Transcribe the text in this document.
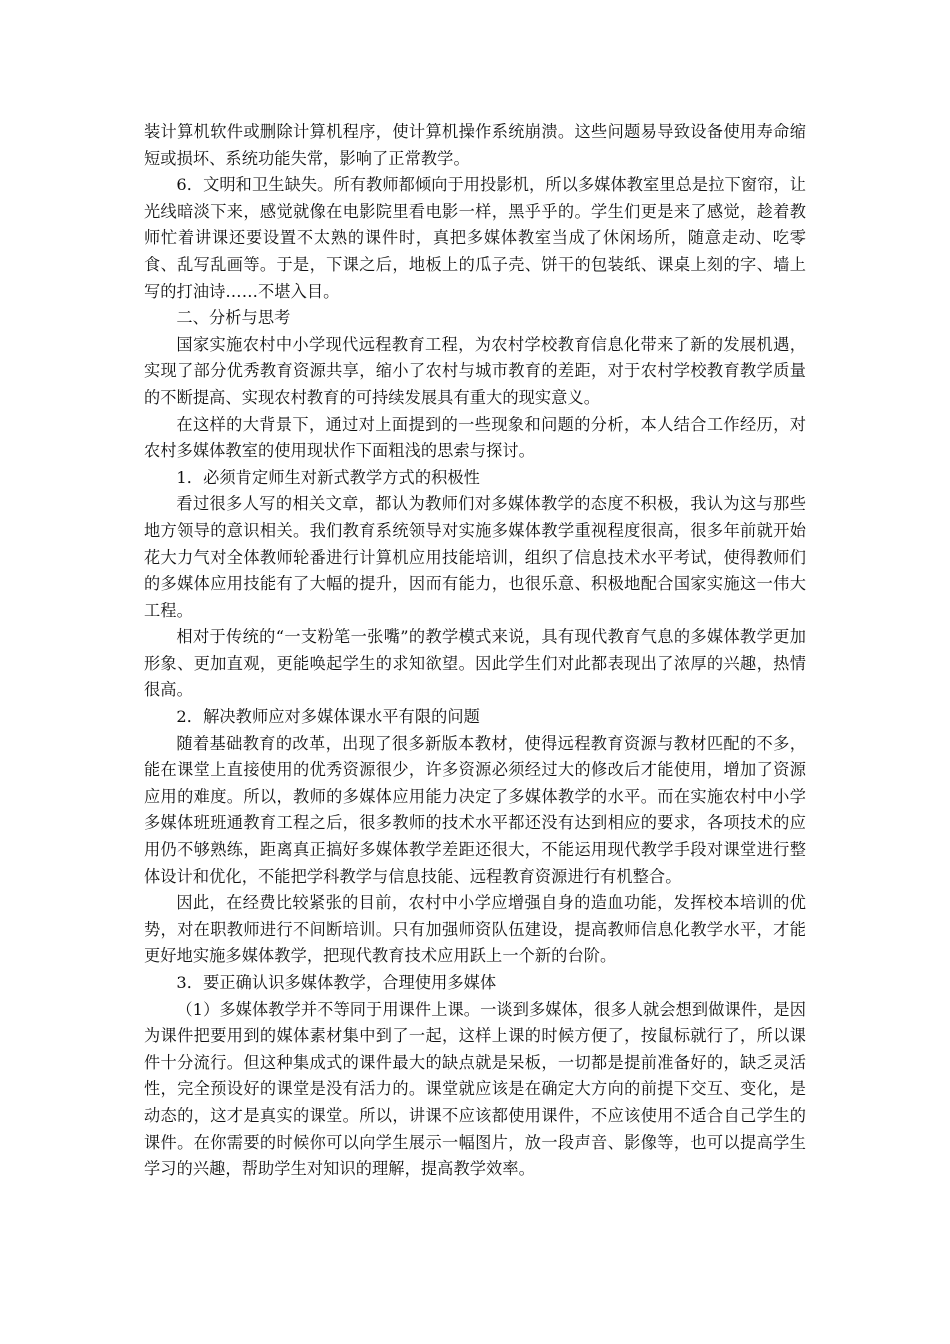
装计算机软件或删除计算机程序，使计算机操作系统崩溃。这些问题易导致设备使用寿命缩短或损坏、系统功能失常，影响了正常教学。

6．文明和卫生缺失。所有教师都倾向于用投影机，所以多媒体教室里总是拉下窗帘，让光线暗淡下来，感觉就像在电影院里看电影一样，黑乎乎的。学生们更是来了感觉，趁着教师忙着讲课还要设置不太熟的课件时，真把多媒体教室当成了休闲场所，随意走动、吃零食、乱写乱画等。于是，下课之后，地板上的瓜子壳、饼干的包装纸、课桌上刻的字、墙上写的打油诗……不堪入目。

二、分析与思考

国家实施农村中小学现代远程教育工程，为农村学校教育信息化带来了新的发展机遇，实现了部分优秀教育资源共享，缩小了农村与城市教育的差距，对于农村学校教育教学质量的不断提高、实现农村教育的可持续发展具有重大的现实意义。

在这样的大背景下，通过对上面提到的一些现象和问题的分析，本人结合工作经历，对农村多媒体教室的使用现状作下面粗浅的思索与探讨。

1．必须肯定师生对新式教学方式的积极性

看过很多人写的相关文章，都认为教师们对多媒体教学的态度不积极，我认为这与那些地方领导的意识相关。我们教育系统领导对实施多媒体教学重视程度很高，很多年前就开始花大力气对全体教师轮番进行计算机应用技能培训，组织了信息技术水平考试，使得教师们的多媒体应用技能有了大幅的提升，因而有能力，也很乐意、积极地配合国家实施这一伟大工程。

相对于传统的“一支粉笔一张嘴”的教学模式来说，具有现代教育气息的多媒体教学更加形象、更加直观，更能唤起学生的求知欲望。因此学生们对此都表现出了浓厚的兴趣，热情很高。

2．解决教师应对多媒体课水平有限的问题

随着基础教育的改革，出现了很多新版本教材，使得远程教育资源与教材匹配的不多，能在课堂上直接使用的优秀资源很少，许多资源必须经过大的修改后才能使用，增加了资源应用的难度。所以，教师的多媒体应用能力决定了多媒体教学的水平。而在实施农村中小学多媒体班班通教育工程之后，很多教师的技术水平都还没有达到相应的要求，各项技术的应用仍不够熟练，距离真正搞好多媒体教学差距还很大，不能运用现代教学手段对课堂进行整体设计和优化，不能把学科教学与信息技能、远程教育资源进行有机整合。

因此，在经费比较紧张的目前，农村中小学应增强自身的造血功能，发挥校本培训的优势，对在职教师进行不间断培训。只有加强师资队伍建设，提高教师信息化教学水平，才能更好地实施多媒体教学，把现代教育技术应用跃上一个新的台阶。

3．要正确认识多媒体教学，合理使用多媒体

（1）多媒体教学并不等同于用课件上课。一谈到多媒体，很多人就会想到做课件，是因为课件把要用到的媒体素材集中到了一起，这样上课的时候方便了，按鼠标就行了，所以课件十分流行。但这种集成式的课件最大的缺点就是呆板，一切都是提前准备好的，缺乏灵活性，完全预设好的课堂是没有活力的。课堂就应该是在确定大方向的前提下交互、变化，是动态的，这才是真实的课堂。所以，讲课不应该都使用课件，不应该使用不适合自己学生的课件。在你需要的时候你可以向学生展示一幅图片，放一段声音、影像等，也可以提高学生学习的兴趣，帮助学生对知识的理解，提高教学效率。
